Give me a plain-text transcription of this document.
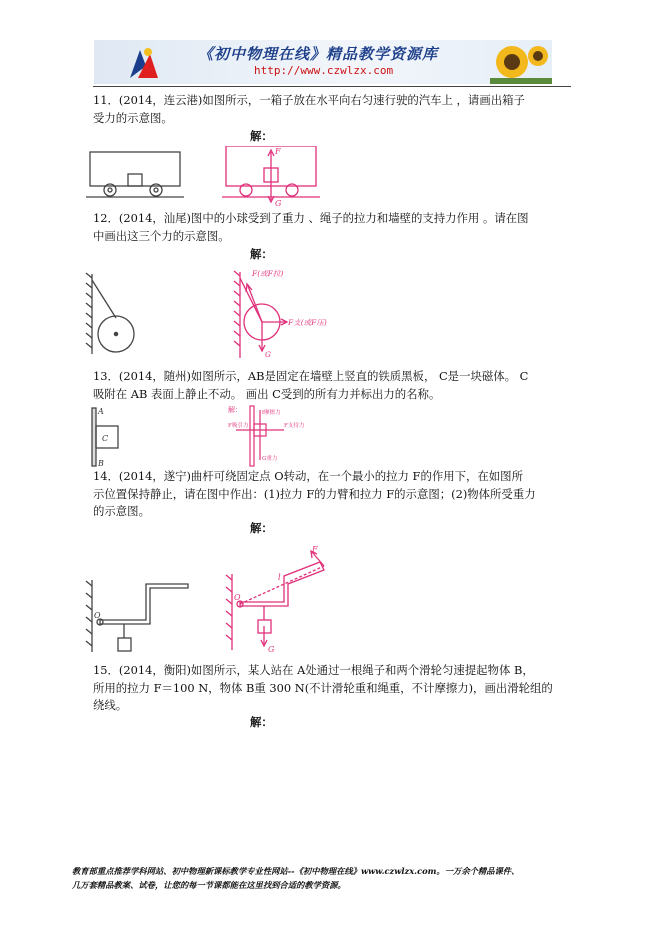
《初中物理在线》精品教学资源库
http://www.czwlzx.com

11．(2014，连云港)如图所示，一箱子放在水平向右匀速行驶的汽车上 ，请画出箱子

受力的示意图。

解：
F
G

12．(2014，汕尾)图中的小球受到了重力 、绳子的拉力和墙壁的支持力作用 。请在图

中画出这三个力的示意图。

解：
F(或F拉)
F支(或F压)
G

13．(2014，随州)如图所示，AB是固定在墙壁上竖直的铁质黑板， C是一块磁体。 C

吸附在 AB 表面上静止不动。 画出 C受到的所有力并标出力的名称。

A
C
B
解：	f摩擦力
F吸引力	F支持力
G重力

14．(2014，遂宁)曲杆可绕固定点 O转动，在一个最小的拉力 F的作用下，在如图所

示位置保持静止，请在图中作出：(1)拉力 F的力臂和拉力 F的示意图；(2)物体所受重力

的示意图。

解：
O
F
l
O
G

15．(2014，衡阳)如图所示，某人站在 A处通过一根绳子和两个滑轮匀速提起物体 B，

所用的拉力 F＝100 N，物体 B重 300 N(不计滑轮重和绳重，不计摩擦力)，画出滑轮组的

绕线。

解：

教育部重点推荐学科网站、初中物理新课标教学专业性网站--《初中物理在线》www.czwlzx.com。一万余个精品课件、

几万套精品教案、试卷，让您的每一节课都能在这里找到合适的教学资源。
